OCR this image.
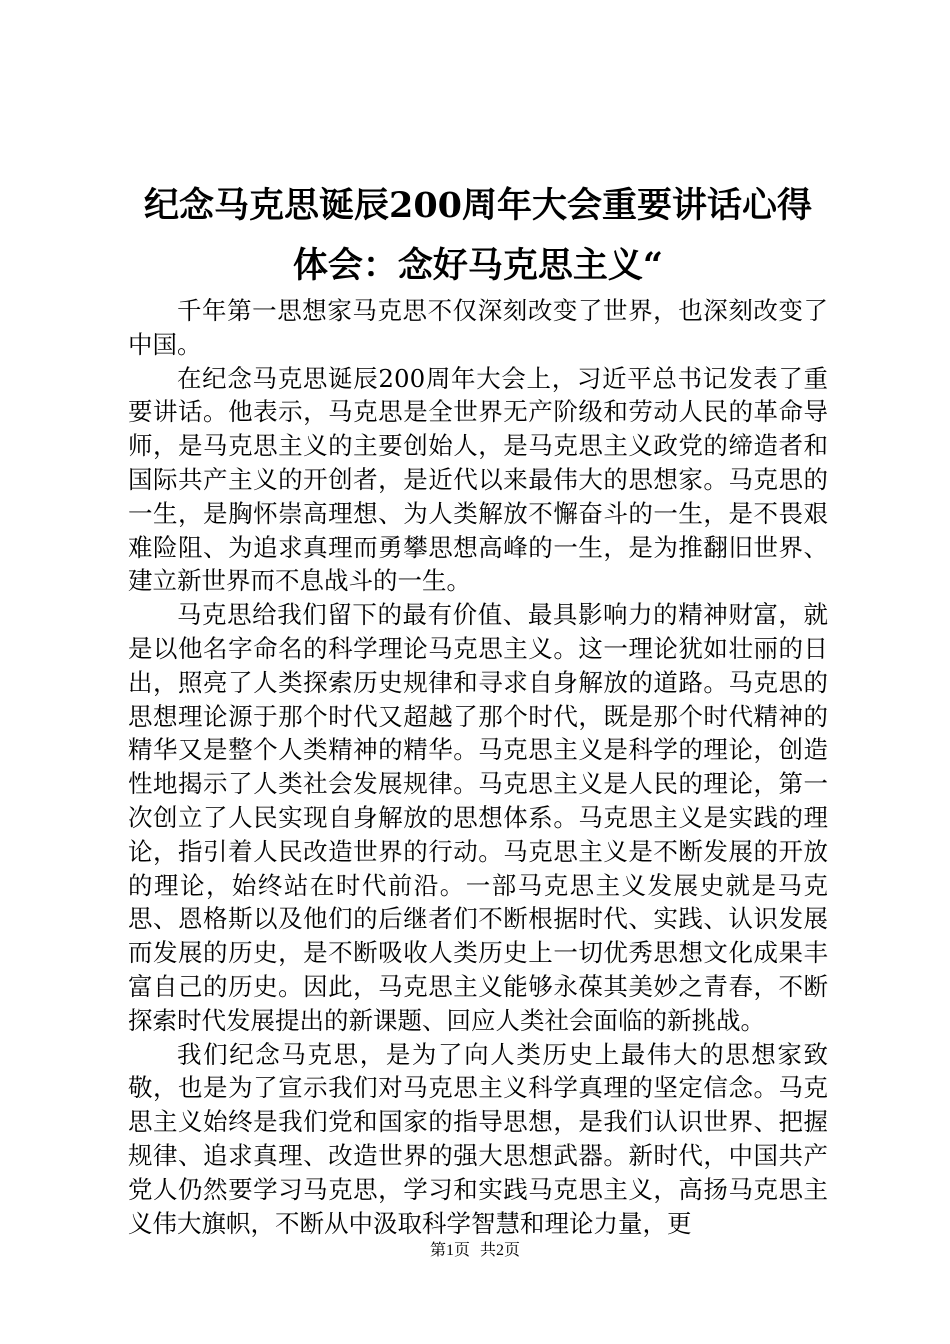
纪念马克思诞辰200周年大会重要讲话心得体会：念好马克思主义“

千年第一思想家马克思不仅深刻改变了世界，也深刻改变了中国。

在纪念马克思诞辰200周年大会上，习近平总书记发表了重要讲话。他表示，马克思是全世界无产阶级和劳动人民的革命导师，是马克思主义的主要创始人，是马克思主义政党的缔造者和国际共产主义的开创者，是近代以来最伟大的思想家。马克思的一生，是胸怀崇高理想、为人类解放不懈奋斗的一生，是不畏艰难险阻、为追求真理而勇攀思想高峰的一生，是为推翻旧世界、建立新世界而不息战斗的一生。

马克思给我们留下的最有价值、最具影响力的精神财富，就是以他名字命名的科学理论马克思主义。这一理论犹如壮丽的日出，照亮了人类探索历史规律和寻求自身解放的道路。马克思的思想理论源于那个时代又超越了那个时代，既是那个时代精神的精华又是整个人类精神的精华。马克思主义是科学的理论，创造性地揭示了人类社会发展规律。马克思主义是人民的理论，第一次创立了人民实现自身解放的思想体系。马克思主义是实践的理论，指引着人民改造世界的行动。马克思主义是不断发展的开放的理论，始终站在时代前沿。一部马克思主义发展史就是马克思、恩格斯以及他们的后继者们不断根据时代、实践、认识发展而发展的历史，是不断吸收人类历史上一切优秀思想文化成果丰富自己的历史。因此，马克思主义能够永葆其美妙之青春，不断探索时代发展提出的新课题、回应人类社会面临的新挑战。

我们纪念马克思，是为了向人类历史上最伟大的思想家致敬，也是为了宣示我们对马克思主义科学真理的坚定信念。马克思主义始终是我们党和国家的指导思想，是我们认识世界、把握规律、追求真理、改造世界的强大思想武器。新时代，中国共产党人仍然要学习马克思，学习和实践马克思主义，高扬马克思主义伟大旗帜，不断从中汲取科学智慧和理论力量，更

第1页 共2页
